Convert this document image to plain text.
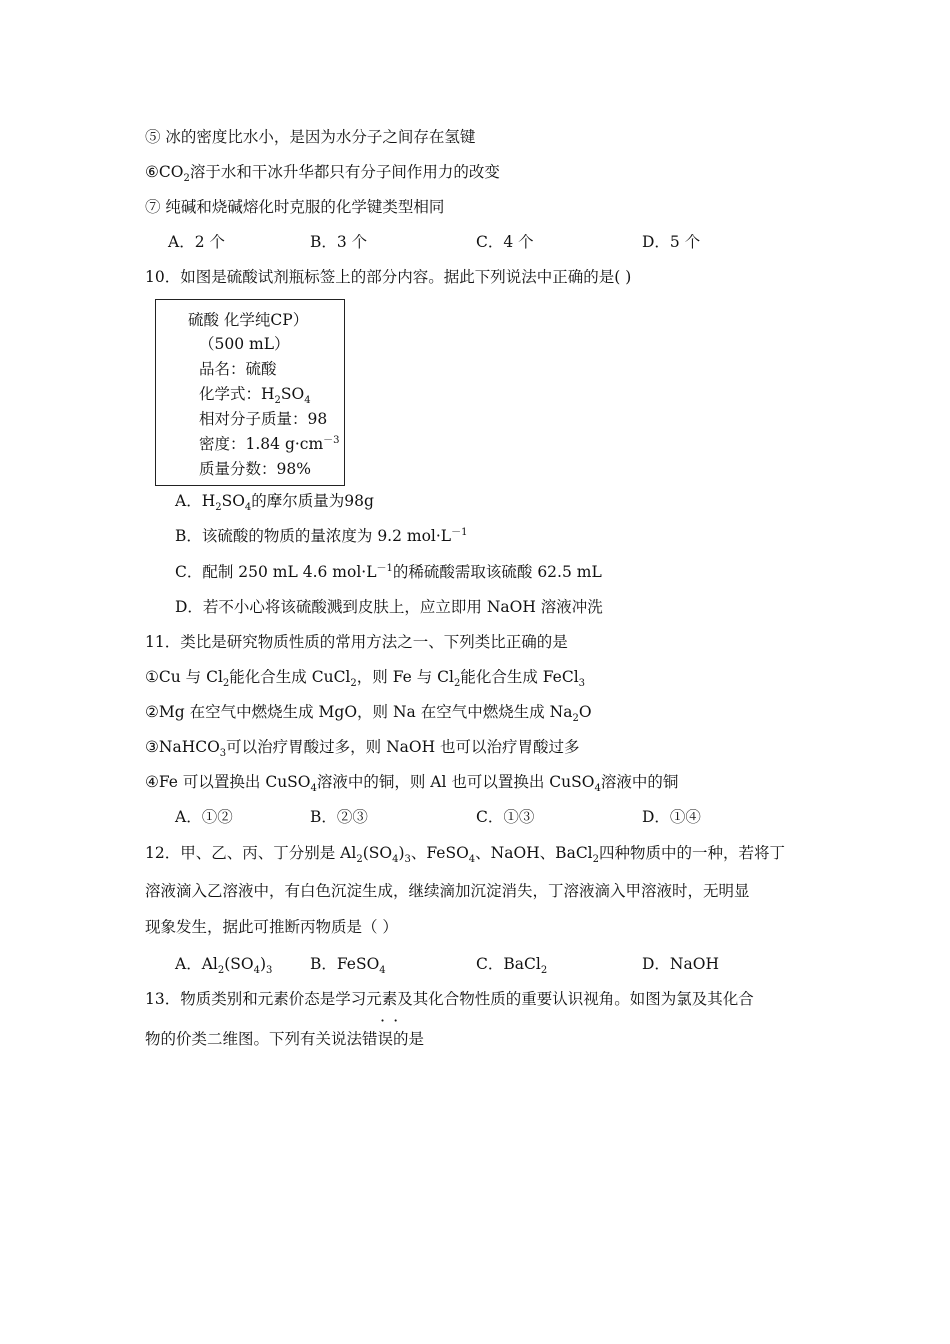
⑤ 冰的密度比水小，是因为水分子之间存在氢键
$⑥CO_2$溶于水和干冰升华都只有分子间作用力的改变
⑦ 纯碱和烧碱熔化时克服的化学键类型相同
A．2 个	B．3 个	C．4 个	D．5 个
10．如图是硫酸试剂瓶标签上的部分内容。据此下列说法中正确的是( )
硫酸 化学纯CP）
（500 mL）
品名：硫酸
化学式：$H_2SO_4$
相对分子质量：98
密度：1.84 $g\cdot cm^{-3}$
质量分数：98%
A．$H_2SO_4$的摩尔质量为98g
B．该硫酸的物质的量浓度为 9.2 $mol\cdot L^{-1}$
C．配制 250 mL 4.6 $mol\cdot L^{-1}$的稀硫酸需取该硫酸 62.5 mL
D．若不小心将该硫酸溅到皮肤上，应立即用 NaOH 溶液冲洗
11．类比是研究物质性质的常用方法之一、下列类比正确的是
①Cu 与 $Cl_2$能化合生成 CuCl$_2$，则 Fe 与 $Cl_2$能化合生成 FeCl$_3$
②Mg 在空气中燃烧生成 MgO，则 Na 在空气中燃烧生成 $Na_2O$
③NaHCO$_3$可以治疗胃酸过多，则 NaOH 也可以治疗胃酸过多
④Fe 可以置换出 CuSO$_4$溶液中的铜，则 Al 也可以置换出 CuSO$_4$溶液中的铜
A．①②	B．②③	C．①③	D．①④
12．甲、乙、丙、丁分别是 $Al_2(SO_4)_3$、FeSO$_4$、NaOH、BaCl$_2$四种物质中的一种，若将丁
溶液滴入乙溶液中，有白色沉淀生成，继续滴加沉淀消失，丁溶液滴入甲溶液时，无明显
现象发生，据此可推断丙物质是（ ）
A．$Al_2(SO_4)_3$ B．FeSO$_4$	C．BaCl$_2$	D．NaOH
13．物质类别和元素价态是学习元素及其化合物性质的重要认识视角。如图为氯及其化合
··
物的价类二维图。下列有关说法错误的是
